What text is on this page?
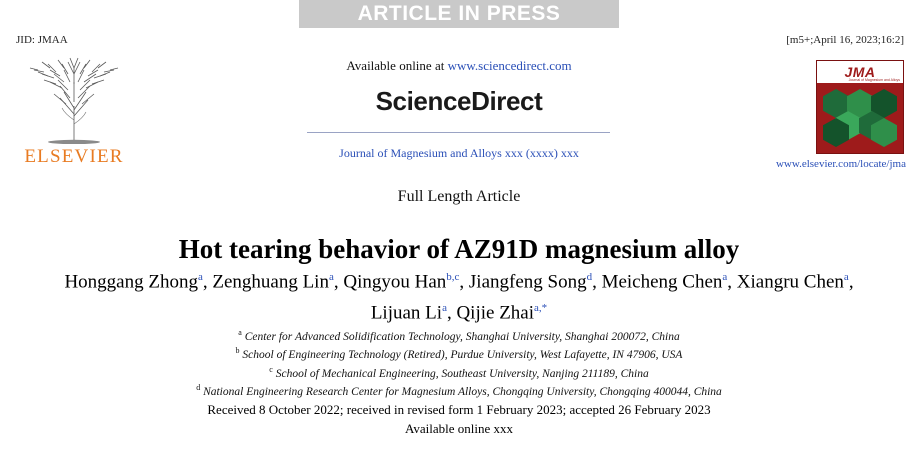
ARTICLE IN PRESS
JID: JMAA	[m5+;April 16, 2023;16:2]
ELSEVIER
Available online at www.sciencedirect.com
ScienceDirect
Journal of Magnesium and Alloys xxx (xxxx) xxx
JMA
Journal of Magnesium and Alloys
www.elsevier.com/locate/jma
Full Length Article
Hot tearing behavior of AZ91D magnesium alloy
Honggang Zhong$^a$, Zenghuang Lin$^a$, Qingyou Han$^{b,c}$, Jiangfeng Song$^d$, Meicheng Chen$^a$, Xiangru Chen$^a$, Lijuan Li$^a$, Qijie Zhai$^{a,*}$
$^a$ Center for Advanced Solidification Technology, Shanghai University, Shanghai 200072, China
$^b$ School of Engineering Technology (Retired), Purdue University, West Lafayette, IN 47906, USA
$^c$ School of Mechanical Engineering, Southeast University, Nanjing 211189, China
$^d$ National Engineering Research Center for Magnesium Alloys, Chongqing University, Chongqing 400044, China
Received 8 October 2022; received in revised form 1 February 2023; accepted 26 February 2023
Available online xxx
